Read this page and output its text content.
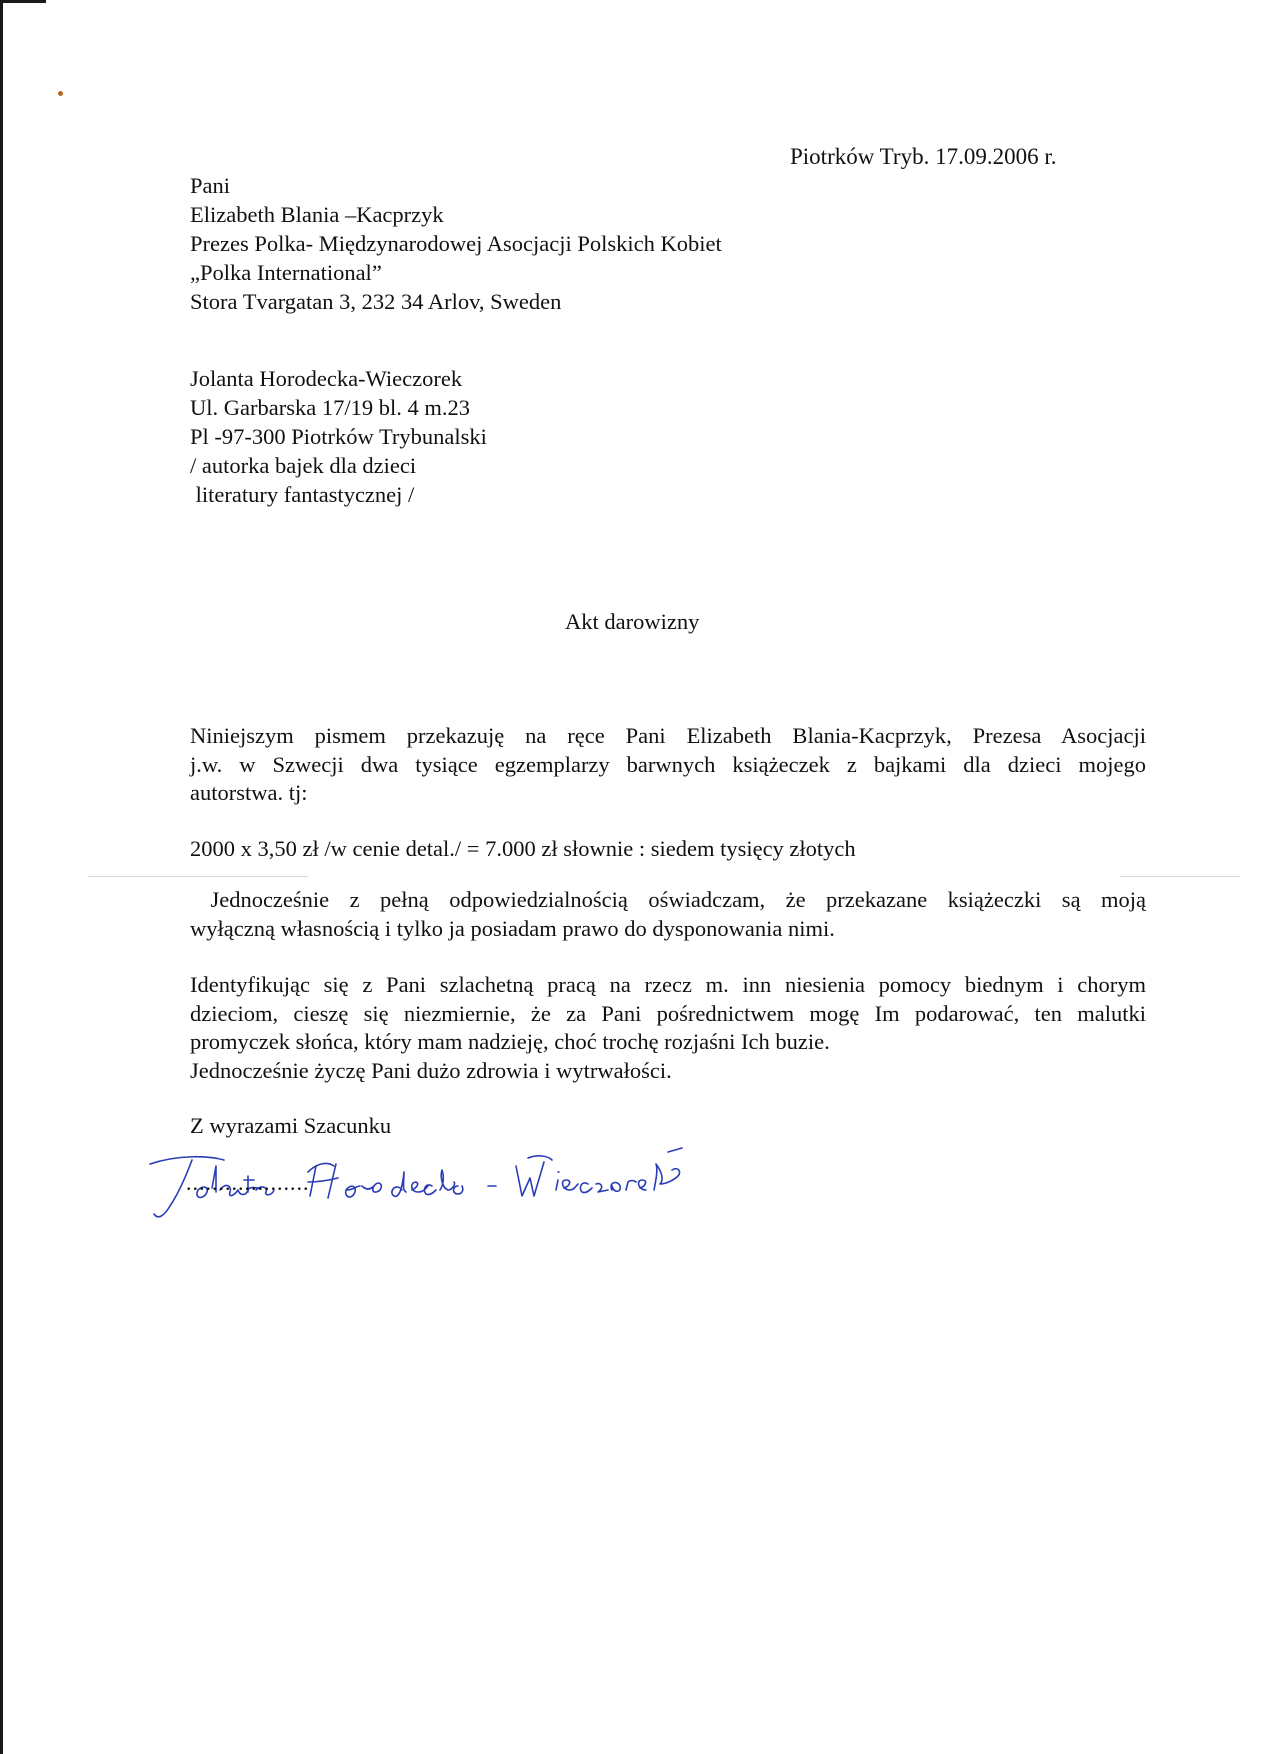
Piotrków Tryb. 17.09.2006 r.
Pani
Elizabeth Blania –Kacprzyk
Prezes Polka- Międzynarodowej Asocjacji Polskich Kobiet
„Polka International”
Stora Tvargatan 3, 232 34 Arlov, Sweden
Jolanta Horodecka-Wieczorek
Ul. Garbarska 17/19 bl. 4 m.23
Pl -97-300 Piotrków Trybunalski
/ autorka bajek dla dzieci
literatury fantastycznej /
Akt darowizny
Niniejszym pismem przekazuję na ręce Pani Elizabeth Blania-Kacprzyk, Prezesa Asocjacji
j.w. w Szwecji dwa tysiące egzemplarzy barwnych książeczek z bajkami dla dzieci mojego
autorstwa. tj:
2000 x 3,50 zł /w cenie detal./ = 7.000 zł słownie : siedem tysięcy złotych
Jednocześnie z pełną odpowiedzialnością oświadczam, że przekazane książeczki są moją
wyłączną własnością i tylko ja posiadam prawo do dysponowania nimi.
Identyfikując się z Pani szlachetną pracą na rzecz m. inn niesienia pomocy biednym i chorym
dzieciom, cieszę się niezmiernie, że za Pani pośrednictwem mogę Im podarować, ten malutki
promyczek słońca, który mam nadzieję, choć trochę rozjaśni Ich buzie.
Jednocześnie życzę Pani dużo zdrowia i wytrwałości.
Z wyrazami Szacunku
...................
